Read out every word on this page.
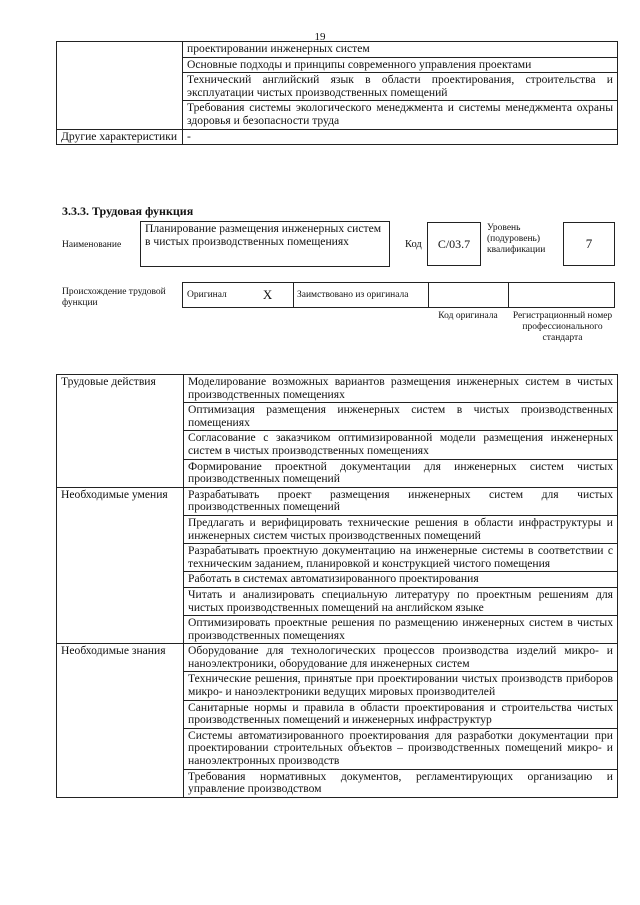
19
	проектировании инженерных систем
	Основные подходы и принципы современного управления проектами
	Технический английский язык в области проектирования, строительства и эксплуатации чистых производственных помещений
	Требования системы экологического менеджмента и системы менеджмента охраны здоровья и безопасности труда
Другие характеристики	-
3.3.3. Трудовая функция
Наименование
Планирование размещения инженерных систем в чистых производственных помещениях	Код	С/03.7
Уровень (подуровень) квалификации	7
Происхождение трудовой функции
Оригинал	X	Заимствовано из оригинала
Код оригинала	Регистрационный номер профессионального стандарта
Трудовые действия	Моделирование возможных вариантов размещения инженерных систем в чистых производственных помещениях
	Оптимизация размещения инженерных систем в чистых производственных помещениях
	Согласование с заказчиком оптимизированной модели размещения инженерных систем в чистых производственных помещениях
	Формирование проектной документации для инженерных систем чистых производственных помещений
Необходимые умения	Разрабатывать проект размещения инженерных систем для чистых производственных помещений
	Предлагать и верифицировать технические решения в области инфраструктуры и инженерных систем чистых производственных помещений
	Разрабатывать проектную документацию на инженерные системы в соответствии с техническим заданием, планировкой и конструкцией чистого помещения
	Работать в системах автоматизированного проектирования
	Читать и анализировать специальную литературу по проектным решениям для чистых производственных помещений на английском языке
	Оптимизировать проектные решения по размещению инженерных систем в чистых производственных помещениях
Необходимые знания	Оборудование для технологических процессов производства изделий микро- и наноэлектроники, оборудование для инженерных систем
	Технические решения, принятые при проектировании чистых производств приборов микро- и наноэлектроники ведущих мировых производителей
	Санитарные нормы и правила в области проектирования и строительства чистых производственных помещений и инженерных инфраструктур
	Системы автоматизированного проектирования для разработки документации при проектировании строительных объектов – производственных помещений микро- и наноэлектронных производств
	Требования нормативных документов, регламентирующих организацию и управление производством
